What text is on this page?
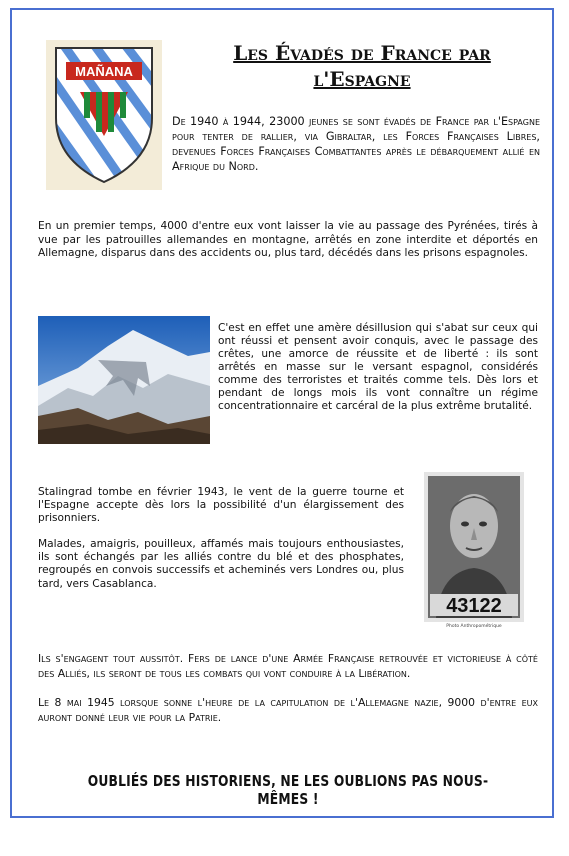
MAÑANA
Les Évadés de France par l'Espagne
De 1940 à 1944, 23000 jeunes se sont évadés de France par l'Espagne pour tenter de rallier, via Gibraltar, les Forces Françaises Libres, devenues Forces Françaises Combattantes après le débarquement allié en Afrique du Nord.
En un premier temps, 4000 d'entre eux vont laisser la vie au passage des Pyrénées, tirés à vue par les patrouilles allemandes en montagne, arrêtés en zone interdite et déportés en Allemagne, disparus dans des accidents ou, plus tard, décédés dans les prisons espagnoles.
C'est en effet une amère désillusion qui s'abat sur ceux qui ont réussi et pensent avoir conquis, avec le passage des crêtes, une amorce de réussite et de liberté : ils sont arrêtés en masse sur le versant espagnol, considérés comme des terroristes et traités comme tels. Dès lors et pendant de longs mois ils vont connaître un régime concentrationnaire et carcéral de la plus extrême brutalité.
Stalingrad tombe en février 1943, le vent de la guerre tourne et l'Espagne accepte dès lors la possibilité d'un élargissement des prisonniers.
Malades, amaigris, pouilleux, affamés mais toujours enthousiastes, ils sont échangés par les alliés contre du blé et des phosphates, regroupés en convois successifs et acheminés vers Londres ou, plus tard, vers Casablanca.
43122
Photo Anthropométrique
Ils s'engagent tout aussitôt. Fers de lance d'une Armée Française retrouvée et victorieuse à côté des Alliés, ils seront de tous les combats qui vont conduire à la Libération.
Le 8 mai 1945 lorsque sonne l'heure de la capitulation de l'Allemagne nazie, 9000 d'entre eux auront donné leur vie pour la Patrie.
OUBLIÉS DES HISTORIENS, NE LES OUBLIONS PAS NOUS-MÊMES !
